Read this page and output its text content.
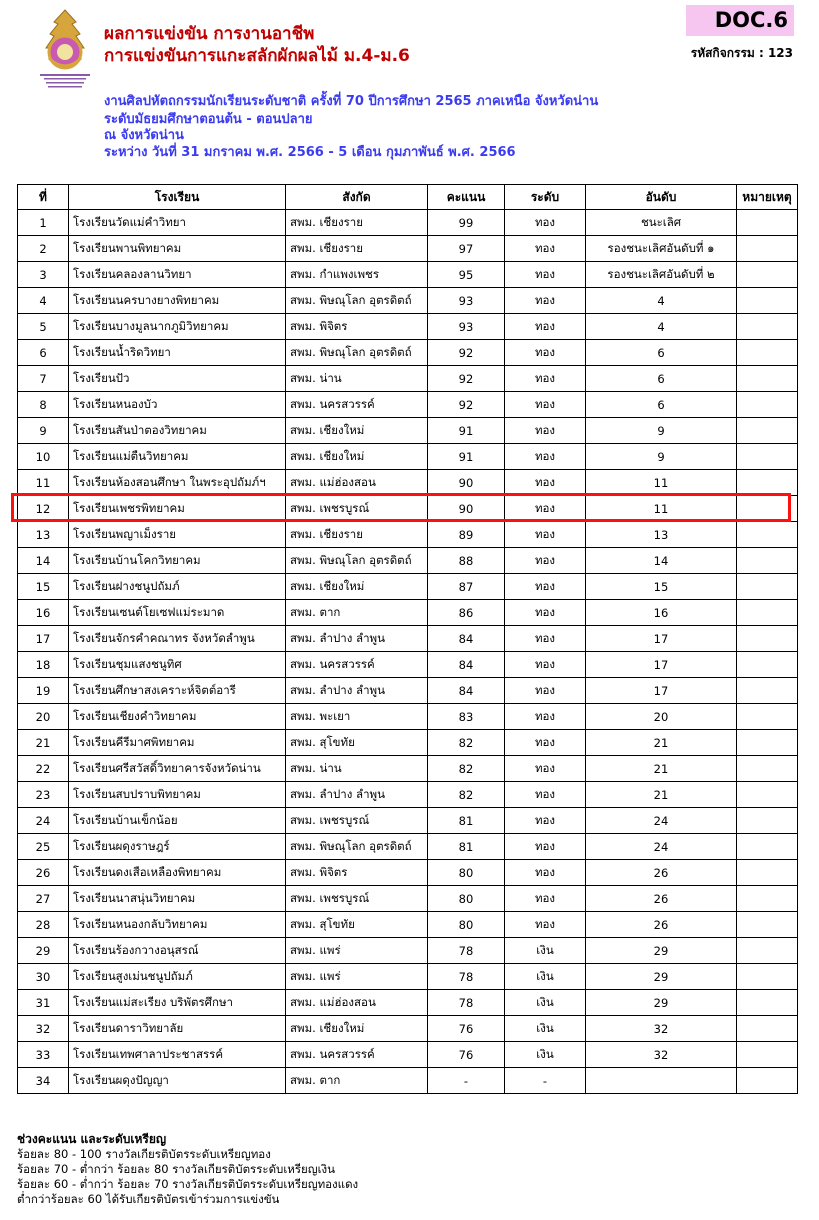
ผลการแข่งขัน การงานอาชีพ
การแข่งขันการแกะสลักผักผลไม้ ม.4-ม.6
DOC.6
รหัสกิจกรรม : 123
งานศิลปหัตถกรรมนักเรียนระดับชาติ ครั้งที่ 70 ปีการศึกษา 2565 ภาคเหนือ จังหวัดน่าน
ระดับมัธยมศึกษาตอนต้น - ตอนปลาย
ณ จังหวัดน่าน
ระหว่าง วันที่ 31 มกราคม พ.ศ. 2566 - 5 เดือน กุมภาพันธ์ พ.ศ. 2566
ที่	โรงเรียน	สังกัด	คะแนน	ระดับ	อันดับ	หมายเหตุ
1	โรงเรียนวัดแม่คำวิทยา	สพม. เชียงราย	99	ทอง	ชนะเลิศ	
2	โรงเรียนพานพิทยาคม	สพม. เชียงราย	97	ทอง	รองชนะเลิศอันดับที่ ๑	
3	โรงเรียนคลองลานวิทยา	สพม. กำแพงเพชร	95	ทอง	รองชนะเลิศอันดับที่ ๒	
4	โรงเรียนนครบางยางพิทยาคม	สพม. พิษณุโลก อุตรดิตถ์	93	ทอง	4	
5	โรงเรียนบางมูลนากภูมิวิทยาคม	สพม. พิจิตร	93	ทอง	4	
6	โรงเรียนน้ำริดวิทยา	สพม. พิษณุโลก อุตรดิตถ์	92	ทอง	6	
7	โรงเรียนปัว	สพม. น่าน	92	ทอง	6	
8	โรงเรียนหนองบัว	สพม. นครสวรรค์	92	ทอง	6	
9	โรงเรียนสันป่าตองวิทยาคม	สพม. เชียงใหม่	91	ทอง	9	
10	โรงเรียนแม่ตืนวิทยาคม	สพม. เชียงใหม่	91	ทอง	9	
11	โรงเรียนห้องสอนศึกษา ในพระอุปถัมภ์ฯ	สพม. แม่ฮ่องสอน	90	ทอง	11	
12	โรงเรียนเพชรพิทยาคม	สพม. เพชรบูรณ์	90	ทอง	11	
13	โรงเรียนพญาเม็งราย	สพม. เชียงราย	89	ทอง	13	
14	โรงเรียนบ้านโคกวิทยาคม	สพม. พิษณุโลก อุตรดิตถ์	88	ทอง	14	
15	โรงเรียนฝางชนูปถัมภ์	สพม. เชียงใหม่	87	ทอง	15	
16	โรงเรียนเซนต์โยเซฟแม่ระมาด	สพม. ตาก	86	ทอง	16	
17	โรงเรียนจักรคำคณาทร จังหวัดลำพูน	สพม. ลำปาง ลำพูน	84	ทอง	17	
18	โรงเรียนชุมแสงชนูทิศ	สพม. นครสวรรค์	84	ทอง	17	
19	โรงเรียนศึกษาสงเคราะห์จิตต์อารี	สพม. ลำปาง ลำพูน	84	ทอง	17	
20	โรงเรียนเชียงคำวิทยาคม	สพม. พะเยา	83	ทอง	20	
21	โรงเรียนคีรีมาศพิทยาคม	สพม. สุโขทัย	82	ทอง	21	
22	โรงเรียนศรีสวัสดิ์วิทยาคารจังหวัดน่าน	สพม. น่าน	82	ทอง	21	
23	โรงเรียนสบปราบพิทยาคม	สพม. ลำปาง ลำพูน	82	ทอง	21	
24	โรงเรียนบ้านเข็กน้อย	สพม. เพชรบูรณ์	81	ทอง	24	
25	โรงเรียนผดุงราษฎร์	สพม. พิษณุโลก อุตรดิตถ์	81	ทอง	24	
26	โรงเรียนดงเสือเหลืองพิทยาคม	สพม. พิจิตร	80	ทอง	26	
27	โรงเรียนนาสนุ่นวิทยาคม	สพม. เพชรบูรณ์	80	ทอง	26	
28	โรงเรียนหนองกลับวิทยาคม	สพม. สุโขทัย	80	ทอง	26	
29	โรงเรียนร้องกวางอนุสรณ์	สพม. แพร่	78	เงิน	29	
30	โรงเรียนสูงเม่นชนูปถัมภ์	สพม. แพร่	78	เงิน	29	
31	โรงเรียนแม่สะเรียง บริพัตรศึกษา	สพม. แม่ฮ่องสอน	78	เงิน	29	
32	โรงเรียนดาราวิทยาลัย	สพม. เชียงใหม่	76	เงิน	32	
33	โรงเรียนเทพศาลาประชาสรรค์	สพม. นครสวรรค์	76	เงิน	32	
34	โรงเรียนผดุงปัญญา	สพม. ตาก	-	-		
ช่วงคะแนน และระดับเหรียญ
ร้อยละ 80 - 100 รางวัลเกียรติบัตรระดับเหรียญทอง
ร้อยละ 70 - ต่ำกว่า ร้อยละ 80 รางวัลเกียรติบัตรระดับเหรียญเงิน
ร้อยละ 60 - ต่ำกว่า ร้อยละ 70 รางวัลเกียรติบัตรระดับเหรียญทองแดง
ต่ำกว่าร้อยละ 60 ได้รับเกียรติบัตรเข้าร่วมการแข่งขัน
